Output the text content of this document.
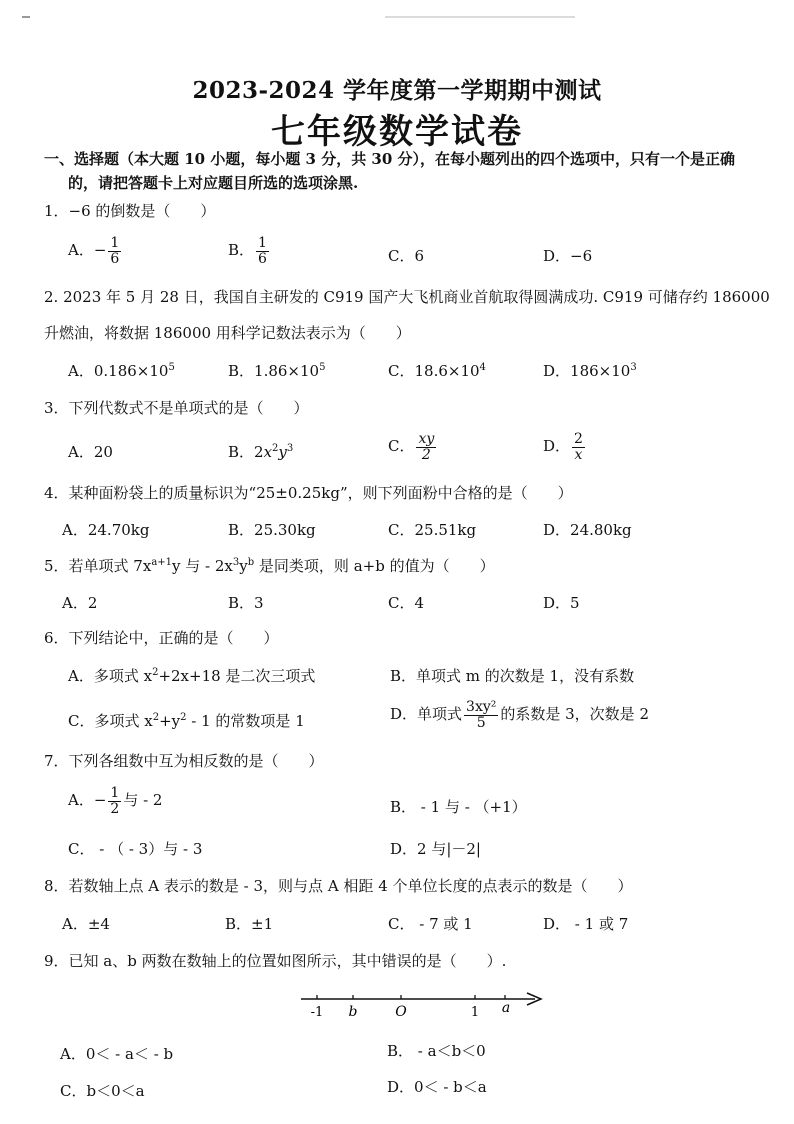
2023-2024 学年度第一学期期中测试
七年级数学试卷
一、选择题（本大题 10 小题，每小题 3 分，共 30 分），在每小题列出的四个选项中，只有一个是正确
的，请把答题卡上对应题目所选的选项涂黑.
1．−6 的倒数是（　　）
A．− $\frac{1}{6}$	B． $\frac{1}{6}$	C．6	D．−6
2. 2023 年 5 月 28 日，我国自主研发的 C919 国产大飞机商业首航取得圆满成功. C919 可储存约 186000
升燃油，将数据 186000 用科学记数法表示为（　　）
A．$0.186\times 10^5$	B．$1.86\times 10^5$	C．$18.6\times 10^4$	D．$186\times 10^3$
3．下列代数式不是单项式的是（　　）
A．20	B．$2x^2y^3$	C． $\frac{xy}{2}$	D． $\frac{2}{x}$
4．某种面粉袋上的质量标识为“25±0.25kg”，则下列面粉中合格的是（　　）
A．24.70kg	B．25.30kg	C．25.51kg	D．24.80kg
5．若单项式 $7x^{a+1}y$ 与 - $2x^3y^b$ 是同类项，则 a+b 的值为（　　）
A．2	B．3	C．4	D．5
6．下列结论中，正确的是（　　）
A．多项式 $x^2+2x+18$ 是二次三项式	B．单项式 m 的次数是 1，没有系数
C．多项式 $x^2+y^2 - 1$ 的常数项是 1	D．单项式 $\frac{\text{3xy²}}{5}$ 的系数是 3，次数是 2
7．下列各组数中互为相反数的是（　　）
A．− $\frac{1}{2}$ 与 - 2	B． - 1 与 - （+1）
C． - （ - 3）与 - 3	D．2 与|－2|
8．若数轴上点 A 表示的数是 - 3，则与点 A 相距 4 个单位长度的点表示的数是（　　）
A．±4	B．±1	C． - 7 或 1	D． - 1 或 7
9．已知 a、b 两数在数轴上的位置如图所示，其中错误的是（　　）.
-1 b	O	1 a
A．0＜ - a＜ - b	B． - a＜b＜0
C．b＜0＜a	D．0＜ - b＜a
